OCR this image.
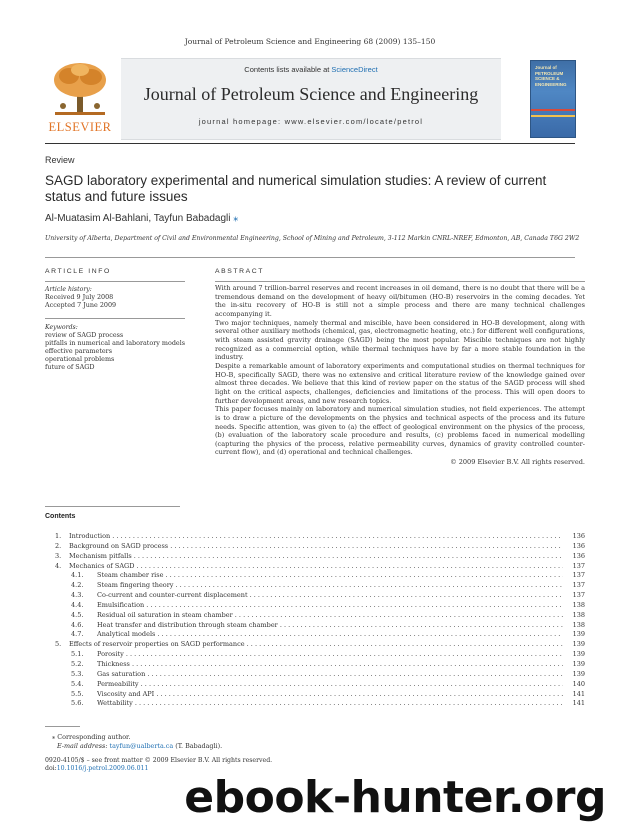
Journal of Petroleum Science and Engineering 68 (2009) 135–150
ELSEVIER
Contents lists available at ScienceDirect
Journal of Petroleum Science and Engineering
journal homepage: www.elsevier.com/locate/petrol
Journal of PETROLEUM SCIENCE & ENGINEERING
Review
SAGD laboratory experimental and numerical simulation studies: A review of current status and future issues
Al-Muatasim Al-Bahlani, Tayfun Babadagli ⁎
University of Alberta, Department of Civil and Environmental Engineering, School of Mining and Petroleum, 3-112 Markin CNRL-NREF, Edmonton, AB, Canada T6G 2W2
ARTICLE INFO
Article history:
Received 9 July 2008
Accepted 7 June 2009
Keywords:
review of SAGD process
pitfalls in numerical and laboratory models
effective parameters
operational problems
future of SAGD
ABSTRACT

With around 7 trillion-barrel reserves and recent increases in oil demand, there is no doubt that there will be a tremendous demand on the development of heavy oil/bitumen (HO-B) reservoirs in the coming decades. Yet the in-situ recovery of HO-B is still not a simple process and there are many technical challenges accompanying it.

Two major techniques, namely thermal and miscible, have been considered in HO-B development, along with several other auxiliary methods (chemical, gas, electromagnetic heating, etc.) for different well configurations, with steam assisted gravity drainage (SAGD) being the most popular. Miscible techniques are not highly recognized as a commercial option, while thermal techniques have by far a more stable foundation in the industry.

Despite a remarkable amount of laboratory experiments and computational studies on thermal techniques for HO-B, specifically SAGD, there was no extensive and critical literature review of the knowledge gained over almost three decades. We believe that this kind of review paper on the status of the SAGD process will shed light on the critical aspects, challenges, deficiencies and limitations of the process. This will open doors to further development areas, and new research topics.

This paper focuses mainly on laboratory and numerical simulation studies, not field experiences. The attempt is to draw a picture of the developments on the physics and technical aspects of the process and its future needs. Specific attention, was given to (a) the effect of geological environment on the physics of the process, (b) evaluation of the laboratory scale procedure and results, (c) problems faced in numerical modelling (capturing the physics of the process, relative permeability curves, dynamics of gravity controlled counter-current flow), and (d) operational and technical challenges.

© 2009 Elsevier B.V. All rights reserved.
Contents
1. Introduction . . .	136
2. Background on SAGD process . . .	136
3. Mechanism pitfalls . . .	136
4. Mechanics of SAGD . . .	137
4.1. Steam chamber rise . . .	137
4.2. Steam fingering theory . . .	137
4.3. Co-current and counter-current displacement . . .	137
4.4. Emulsification . . .	138
4.5. Residual oil saturation in steam chamber . . .	138
4.6. Heat transfer and distribution through steam chamber . . .	138
4.7. Analytical models . . .	139
5. Effects of reservoir properties on SAGD performance . . .	139
5.1. Porosity . . .	139
5.2. Thickness . . .	139
5.3. Gas saturation . . .	139
5.4. Permeability . . .	140
5.5. Viscosity and API . . .	141
5.6. Wettability . . .	141
⁎ Corresponding author.
E-mail address: tayfun@ualberta.ca (T. Babadagli).
0920-4105/$ – see front matter © 2009 Elsevier B.V. All rights reserved.
doi:10.1016/j.petrol.2009.06.011
ebook-hunter.org
